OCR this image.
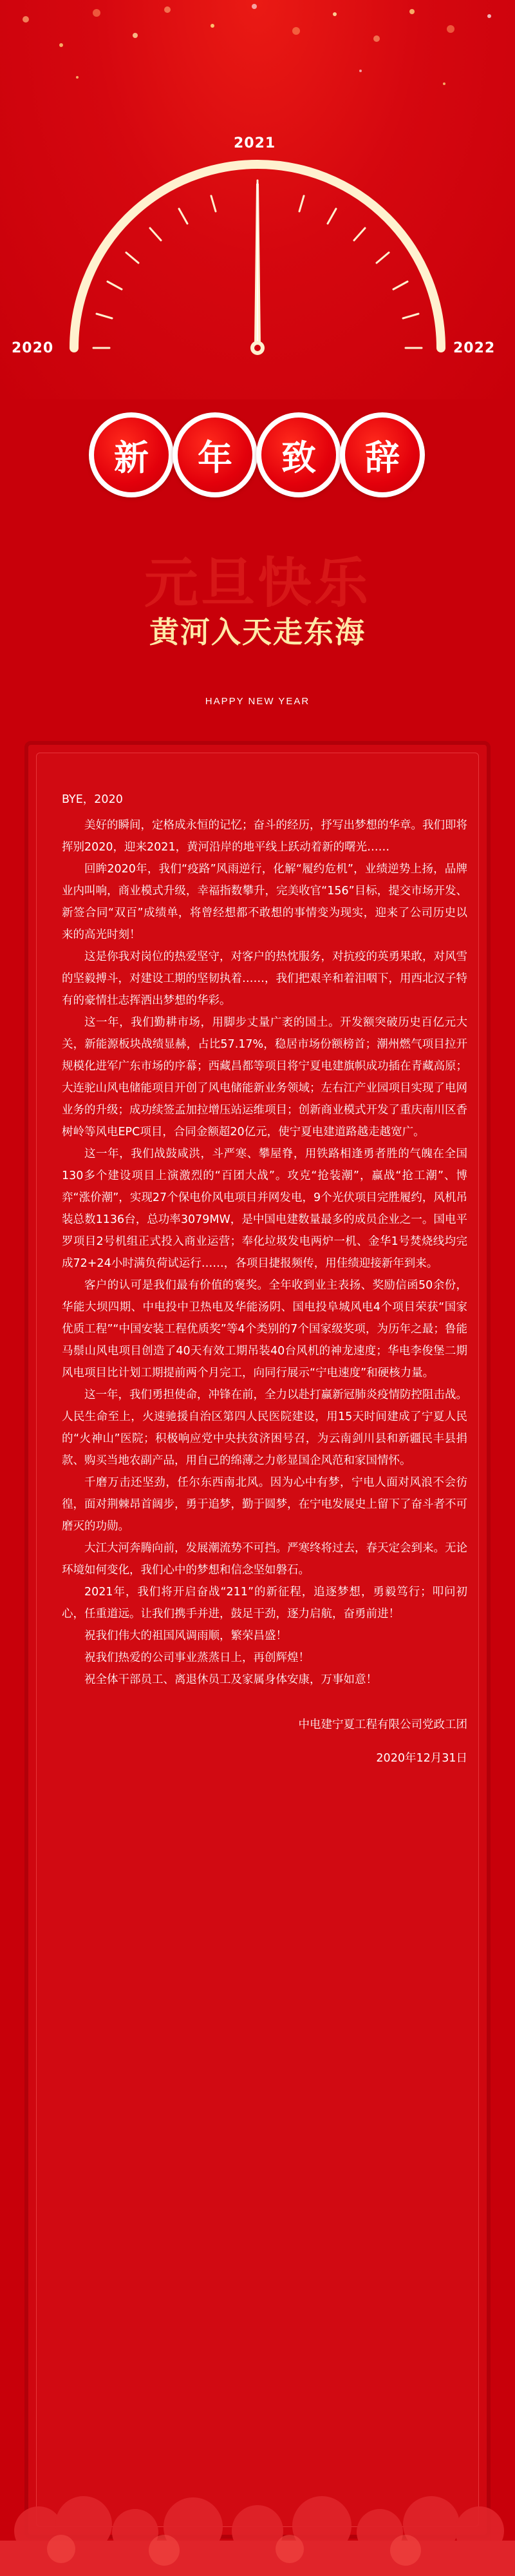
2021
2020	2022
新	年	致	辞
元旦快乐
黄河入天走东海
HAPPY NEW YEAR

BYE，2020

美好的瞬间，定格成永恒的记忆；奋斗的经历，抒写出梦想的华章。我们即将挥别2020，迎来2021，黄河沿岸的地平线上跃动着新的曙光……

回眸2020年，我们“疫路”风雨逆行，化解“履约危机”，业绩逆势上扬，品牌业内叫响，商业模式升级，幸福指数攀升，完美收官“156”目标，提交市场开发、新签合同“双百”成绩单，将曾经想都不敢想的事情变为现实，迎来了公司历史以来的高光时刻！

这是你我对岗位的热爱坚守，对客户的热忱服务，对抗疫的英勇果敢，对风雪的坚毅搏斗，对建设工期的坚韧执着……，我们把艰辛和着泪咽下，用西北汉子特有的豪情壮志挥洒出梦想的华彩。

这一年，我们勤耕市场，用脚步丈量广袤的国土。开发额突破历史百亿元大关，新能源板块战绩显赫，占比57.17%，稳居市场份额榜首；潮州燃气项目拉开规模化进军广东市场的序幕；西藏昌都等项目将宁夏电建旗帜成功插在青藏高原；大连驼山风电储能项目开创了风电储能新业务领域；左右江产业园项目实现了电网业务的升级；成功续签孟加拉增压站运维项目；创新商业模式开发了重庆南川区香树岭等风电EPC项目，合同金额超20亿元，使宁夏电建道路越走越宽广。

这一年，我们战鼓咸洪，斗严寒、攀屋脊，用铁路相逢勇者胜的气魄在全国130多个建设项目上演激烈的“百团大战”。攻克“抢装潮”，赢战“抢工潮”、博弈“涨价潮”，实现27个保电价风电项目并网发电，9个光伏项目完胜履约，风机吊装总数1136台，总功率3079MW，是中国电建数量最多的成员企业之一。国电平罗项目2号机组正式投入商业运营；奉化垃圾发电两炉一机、金华1号焚烧线均完成72+24小时满负荷试运行……，各项目捷报频传，用佳绩迎接新年到来。

客户的认可是我们最有价值的褒奖。全年收到业主表扬、奖励信函50余份，华能大坝四期、中电投中卫热电及华能汤阴、国电投阜城风电4个项目荣获“国家优质工程”“中国安装工程优质奖”等4个类别的7个国家级奖项，为历年之最；鲁能马鬃山风电项目创造了40天有效工期吊装40台风机的神龙速度；华电李俊堡二期风电项目比计划工期提前两个月完工，向同行展示“宁电速度”和硬核力量。

这一年，我们勇担使命，冲锋在前，全力以赴打赢新冠肺炎疫情防控阻击战。人民生命至上，火速驰援自治区第四人民医院建设，用15天时间建成了宁夏人民的“火神山”医院；积极响应党中央扶贫济困号召，为云南剑川县和新疆民丰县捐款、购买当地农副产品，用自己的绵薄之力彰显国企风范和家国情怀。

千磨万击还坚劲，任尔东西南北风。因为心中有梦，宁电人面对风浪不会彷徨，面对荆棘昂首阔步，勇于追梦，勤于圆梦，在宁电发展史上留下了奋斗者不可磨灭的功勋。

大江大河奔腾向前，发展潮流势不可挡。严寒终将过去，春天定会到来。无论环境如何变化，我们心中的梦想和信念坚如磐石。

2021年，我们将开启奋战“211”的新征程，追逐梦想，勇毅笃行；叩问初心，任重道远。让我们携手并进，鼓足干劲，逐力启航，奋勇前进！

祝我们伟大的祖国风调雨顺，繁荣昌盛！

祝我们热爱的公司事业蒸蒸日上，再创辉煌！

祝全体干部员工、离退休员工及家属身体安康，万事如意！

中电建宁夏工程有限公司党政工团

2020年12月31日
